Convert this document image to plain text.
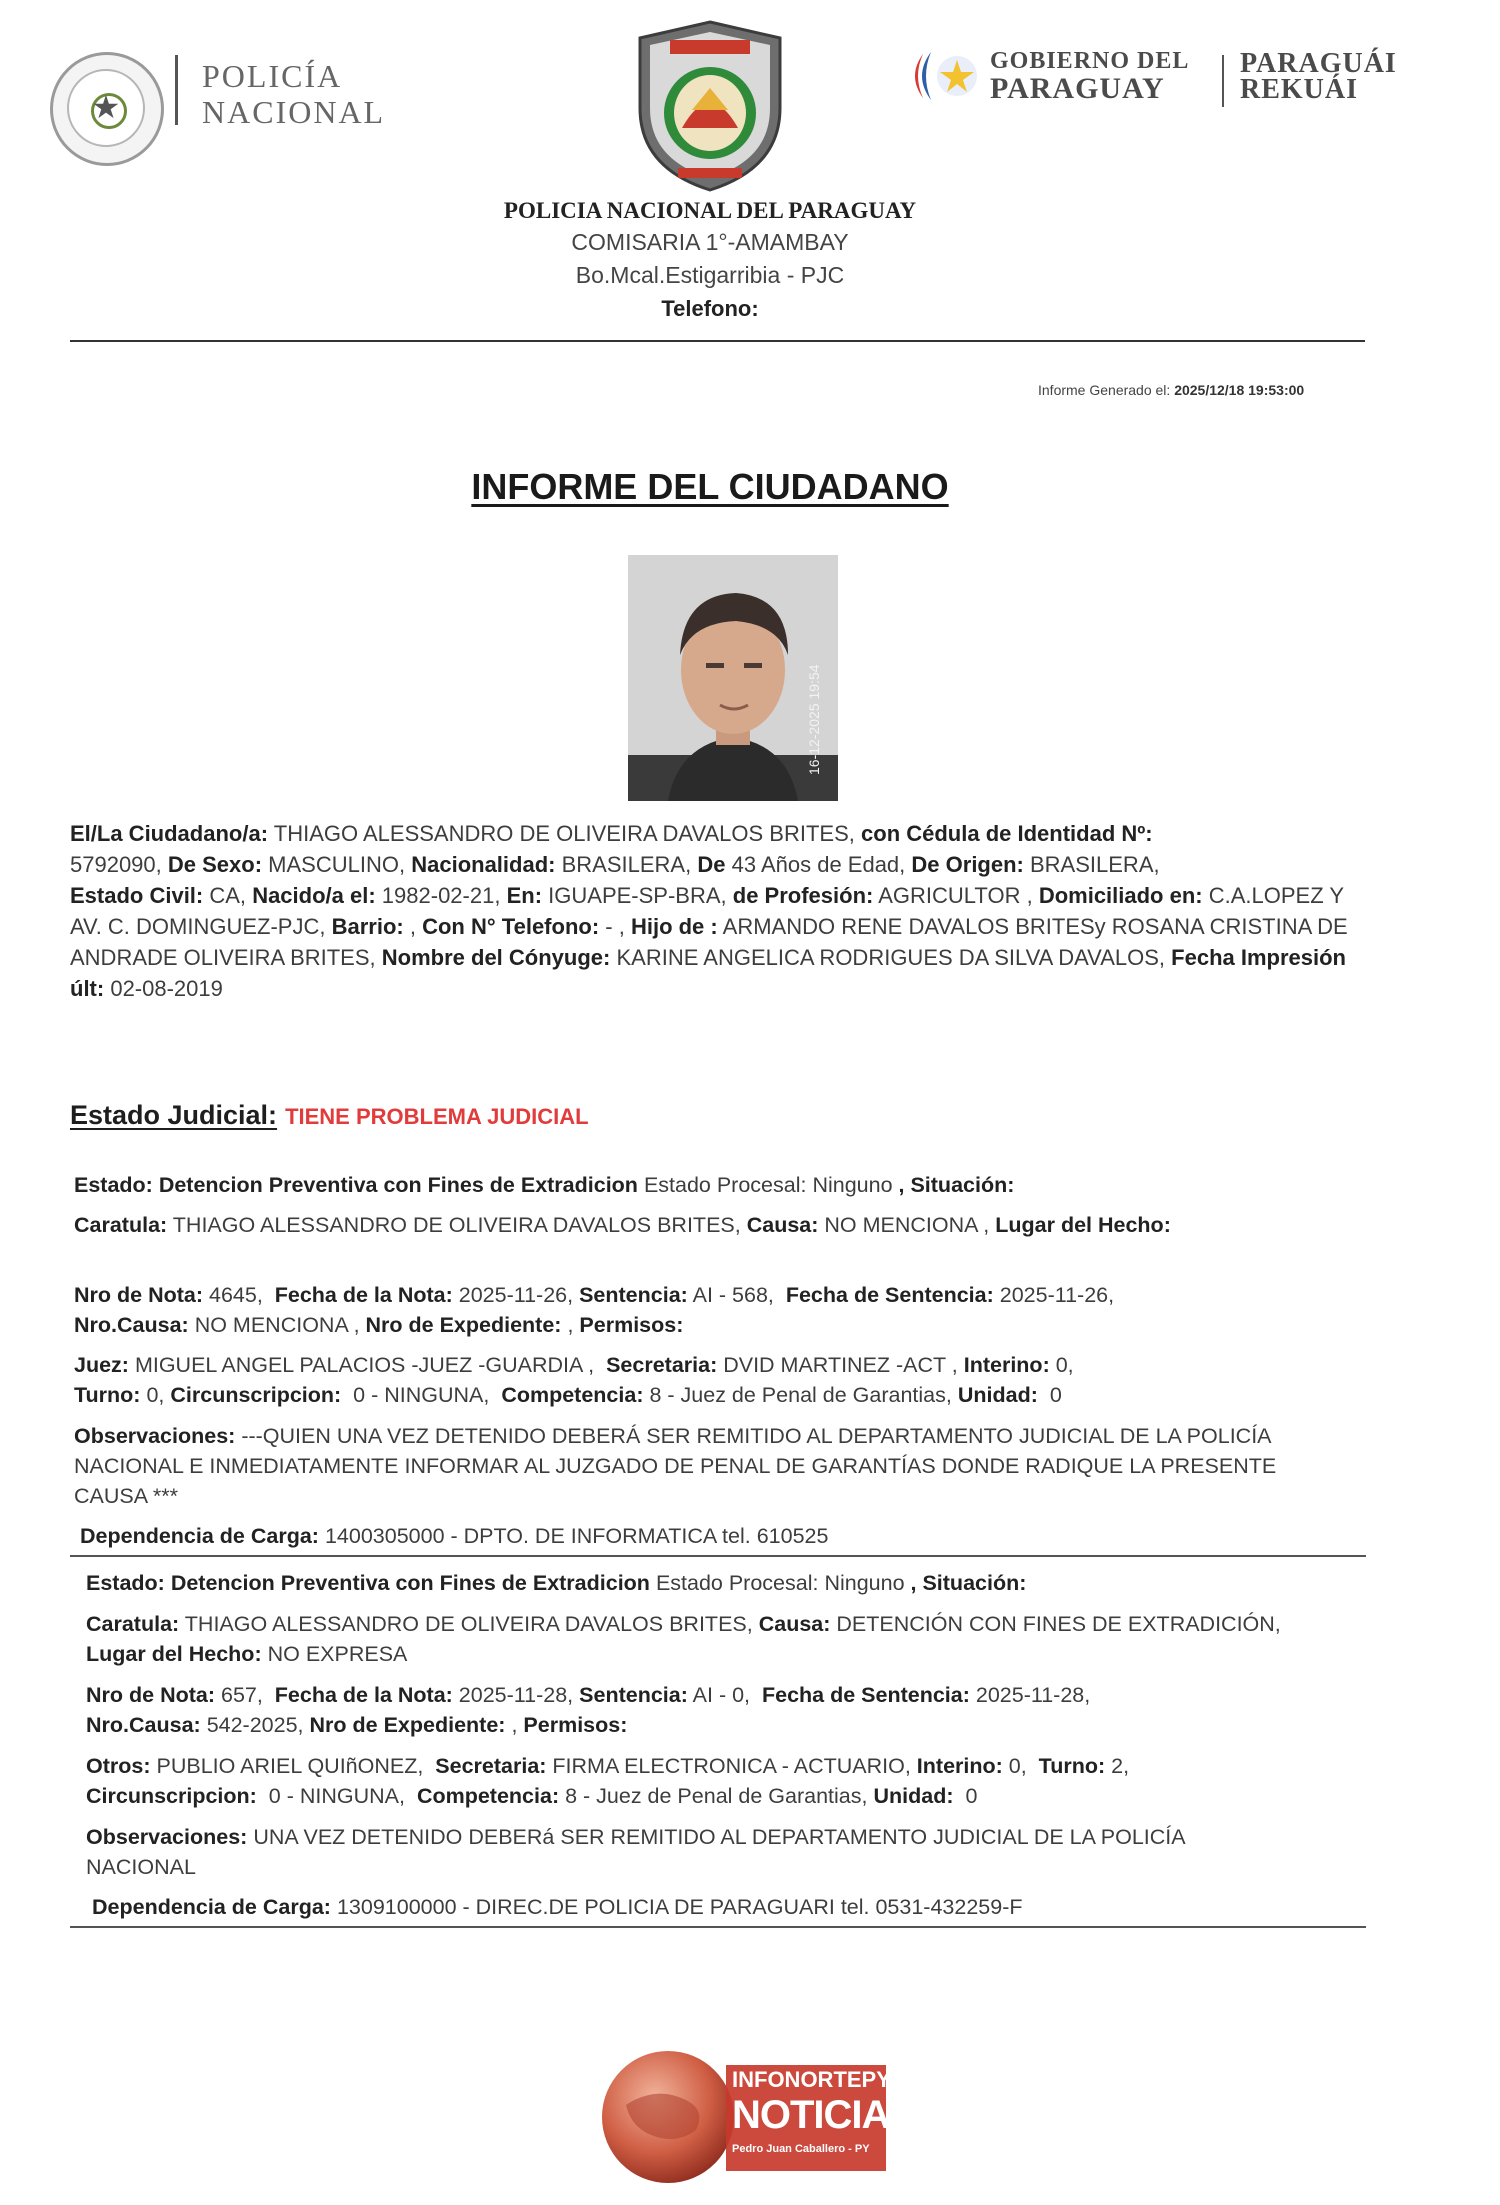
★
POLICÍA
NACIONAL
GOBIERNO DEL
PARAGUAY
PARAGUÁI
REKUÁI
POLICIA NACIONAL DEL PARAGUAY
COMISARIA 1°-AMAMBAY
Bo.Mcal.Estigarribia - PJC
Telefono:
Informe Generado el: 2025/12/18 19:53:00
INFORME DEL CIUDADANO
16-12-2025 19:54
El/La Ciudadano/a: THIAGO ALESSANDRO DE OLIVEIRA DAVALOS BRITES, con Cédula de Identidad Nº:
5792090, De Sexo: MASCULINO, Nacionalidad: BRASILERA, De 43 Años de Edad, De Origen: BRASILERA,
Estado Civil: CA, Nacido/a el: 1982-02-21, En: IGUAPE-SP-BRA, de Profesión: AGRICULTOR , Domiciliado en: C.A.LOPEZ Y AV. C. DOMINGUEZ-PJC, Barrio: , Con N° Telefono: - , Hijo de : ARMANDO RENE DAVALOS BRITESy ROSANA CRISTINA DE ANDRADE OLIVEIRA BRITES, Nombre del Cónyuge: KARINE ANGELICA RODRIGUES DA SILVA DAVALOS, Fecha Impresión últ: 02-08-2019
Estado Judicial: TIENE PROBLEMA JUDICIAL
Estado: Detencion Preventiva con Fines de Extradicion Estado Procesal: Ninguno , Situación:
Caratula: THIAGO ALESSANDRO DE OLIVEIRA DAVALOS BRITES, Causa: NO MENCIONA , Lugar del Hecho:
Nro de Nota: 4645, Fecha de la Nota: 2025-11-26, Sentencia: AI - 568, Fecha de Sentencia: 2025-11-26,
Nro.Causa: NO MENCIONA , Nro de Expediente: , Permisos:
Juez: MIGUEL ANGEL PALACIOS -JUEZ -GUARDIA , Secretaria: DVID MARTINEZ -ACT , Interino: 0,
Turno: 0, Circunscripcion: 0 - NINGUNA, Competencia: 8 - Juez de Penal de Garantias, Unidad: 0
Observaciones: ---QUIEN UNA VEZ DETENIDO DEBERÁ SER REMITIDO AL DEPARTAMENTO JUDICIAL DE LA POLICÍA NACIONAL E INMEDIATAMENTE INFORMAR AL JUZGADO DE PENAL DE GARANTÍAS DONDE RADIQUE LA PRESENTE CAUSA ***
Dependencia de Carga: 1400305000 - DPTO. DE INFORMATICA tel. 610525
Estado: Detencion Preventiva con Fines de Extradicion Estado Procesal: Ninguno , Situación:
Caratula: THIAGO ALESSANDRO DE OLIVEIRA DAVALOS BRITES, Causa: DETENCIÓN CON FINES DE EXTRADICIÓN, Lugar del Hecho: NO EXPRESA
Nro de Nota: 657, Fecha de la Nota: 2025-11-28, Sentencia: AI - 0, Fecha de Sentencia: 2025-11-28,
Nro.Causa: 542-2025, Nro de Expediente: , Permisos:
Otros: PUBLIO ARIEL QUIñONEZ, Secretaria: FIRMA ELECTRONICA - ACTUARIO, Interino: 0, Turno: 2,
Circunscripcion: 0 - NINGUNA, Competencia: 8 - Juez de Penal de Garantias, Unidad: 0
Observaciones: UNA VEZ DETENIDO DEBERá SER REMITIDO AL DEPARTAMENTO JUDICIAL DE LA POLICÍA NACIONAL
Dependencia de Carga: 1309100000 - DIREC.DE POLICIA DE PARAGUARI tel. 0531-432259-F
INFONORTEPY
NOTICIAS
Pedro Juan Caballero - PY
